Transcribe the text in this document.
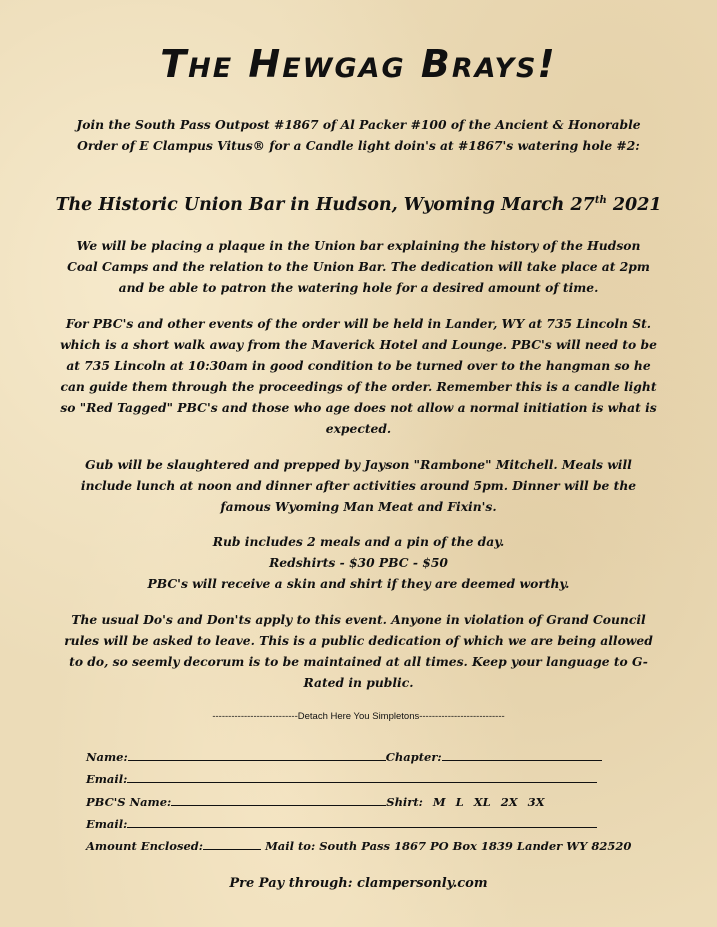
The Hewgag Brays!
Join the South Pass Outpost #1867 of Al Packer #100 of the Ancient & Honorable Order of E Clampus Vitus® for a Candle light doin's at #1867's watering hole #2:
The Historic Union Bar in Hudson, Wyoming March 27th 2021
We will be placing a plaque in the Union bar explaining the history of the Hudson Coal Camps and the relation to the Union Bar. The dedication will take place at 2pm and be able to patron the watering hole for a desired amount of time.
For PBC's and other events of the order will be held in Lander, WY at 735 Lincoln St. which is a short walk away from the Maverick Hotel and Lounge. PBC's will need to be at 735 Lincoln at 10:30am in good condition to be turned over to the hangman so he can guide them through the proceedings of the order. Remember this is a candle light so "Red Tagged" PBC's and those who age does not allow a normal initiation is what is expected.
Gub will be slaughtered and prepped by Jayson "Rambone" Mitchell. Meals will include lunch at noon and dinner after activities around 5pm. Dinner will be the famous Wyoming Man Meat and Fixin's.
Rub includes 2 meals and a pin of the day.
Redshirts - $30 PBC - $50
PBC's will receive a skin and shirt if they are deemed worthy.
The usual Do's and Don'ts apply to this event. Anyone in violation of Grand Council rules will be asked to leave. This is a public dedication of which we are being allowed to do, so seemly decorum is to be maintained at all times. Keep your language to G-Rated in public.
---------------------------Detach Here You Simpletons---------------------------
Name:	Chapter:
Email:
PBC'S Name:	Shirt: M L XL 2X 3X
Email:
Amount Enclosed:	Mail to: South Pass 1867 PO Box 1839 Lander WY 82520
Pre Pay through: clampersonly.com
